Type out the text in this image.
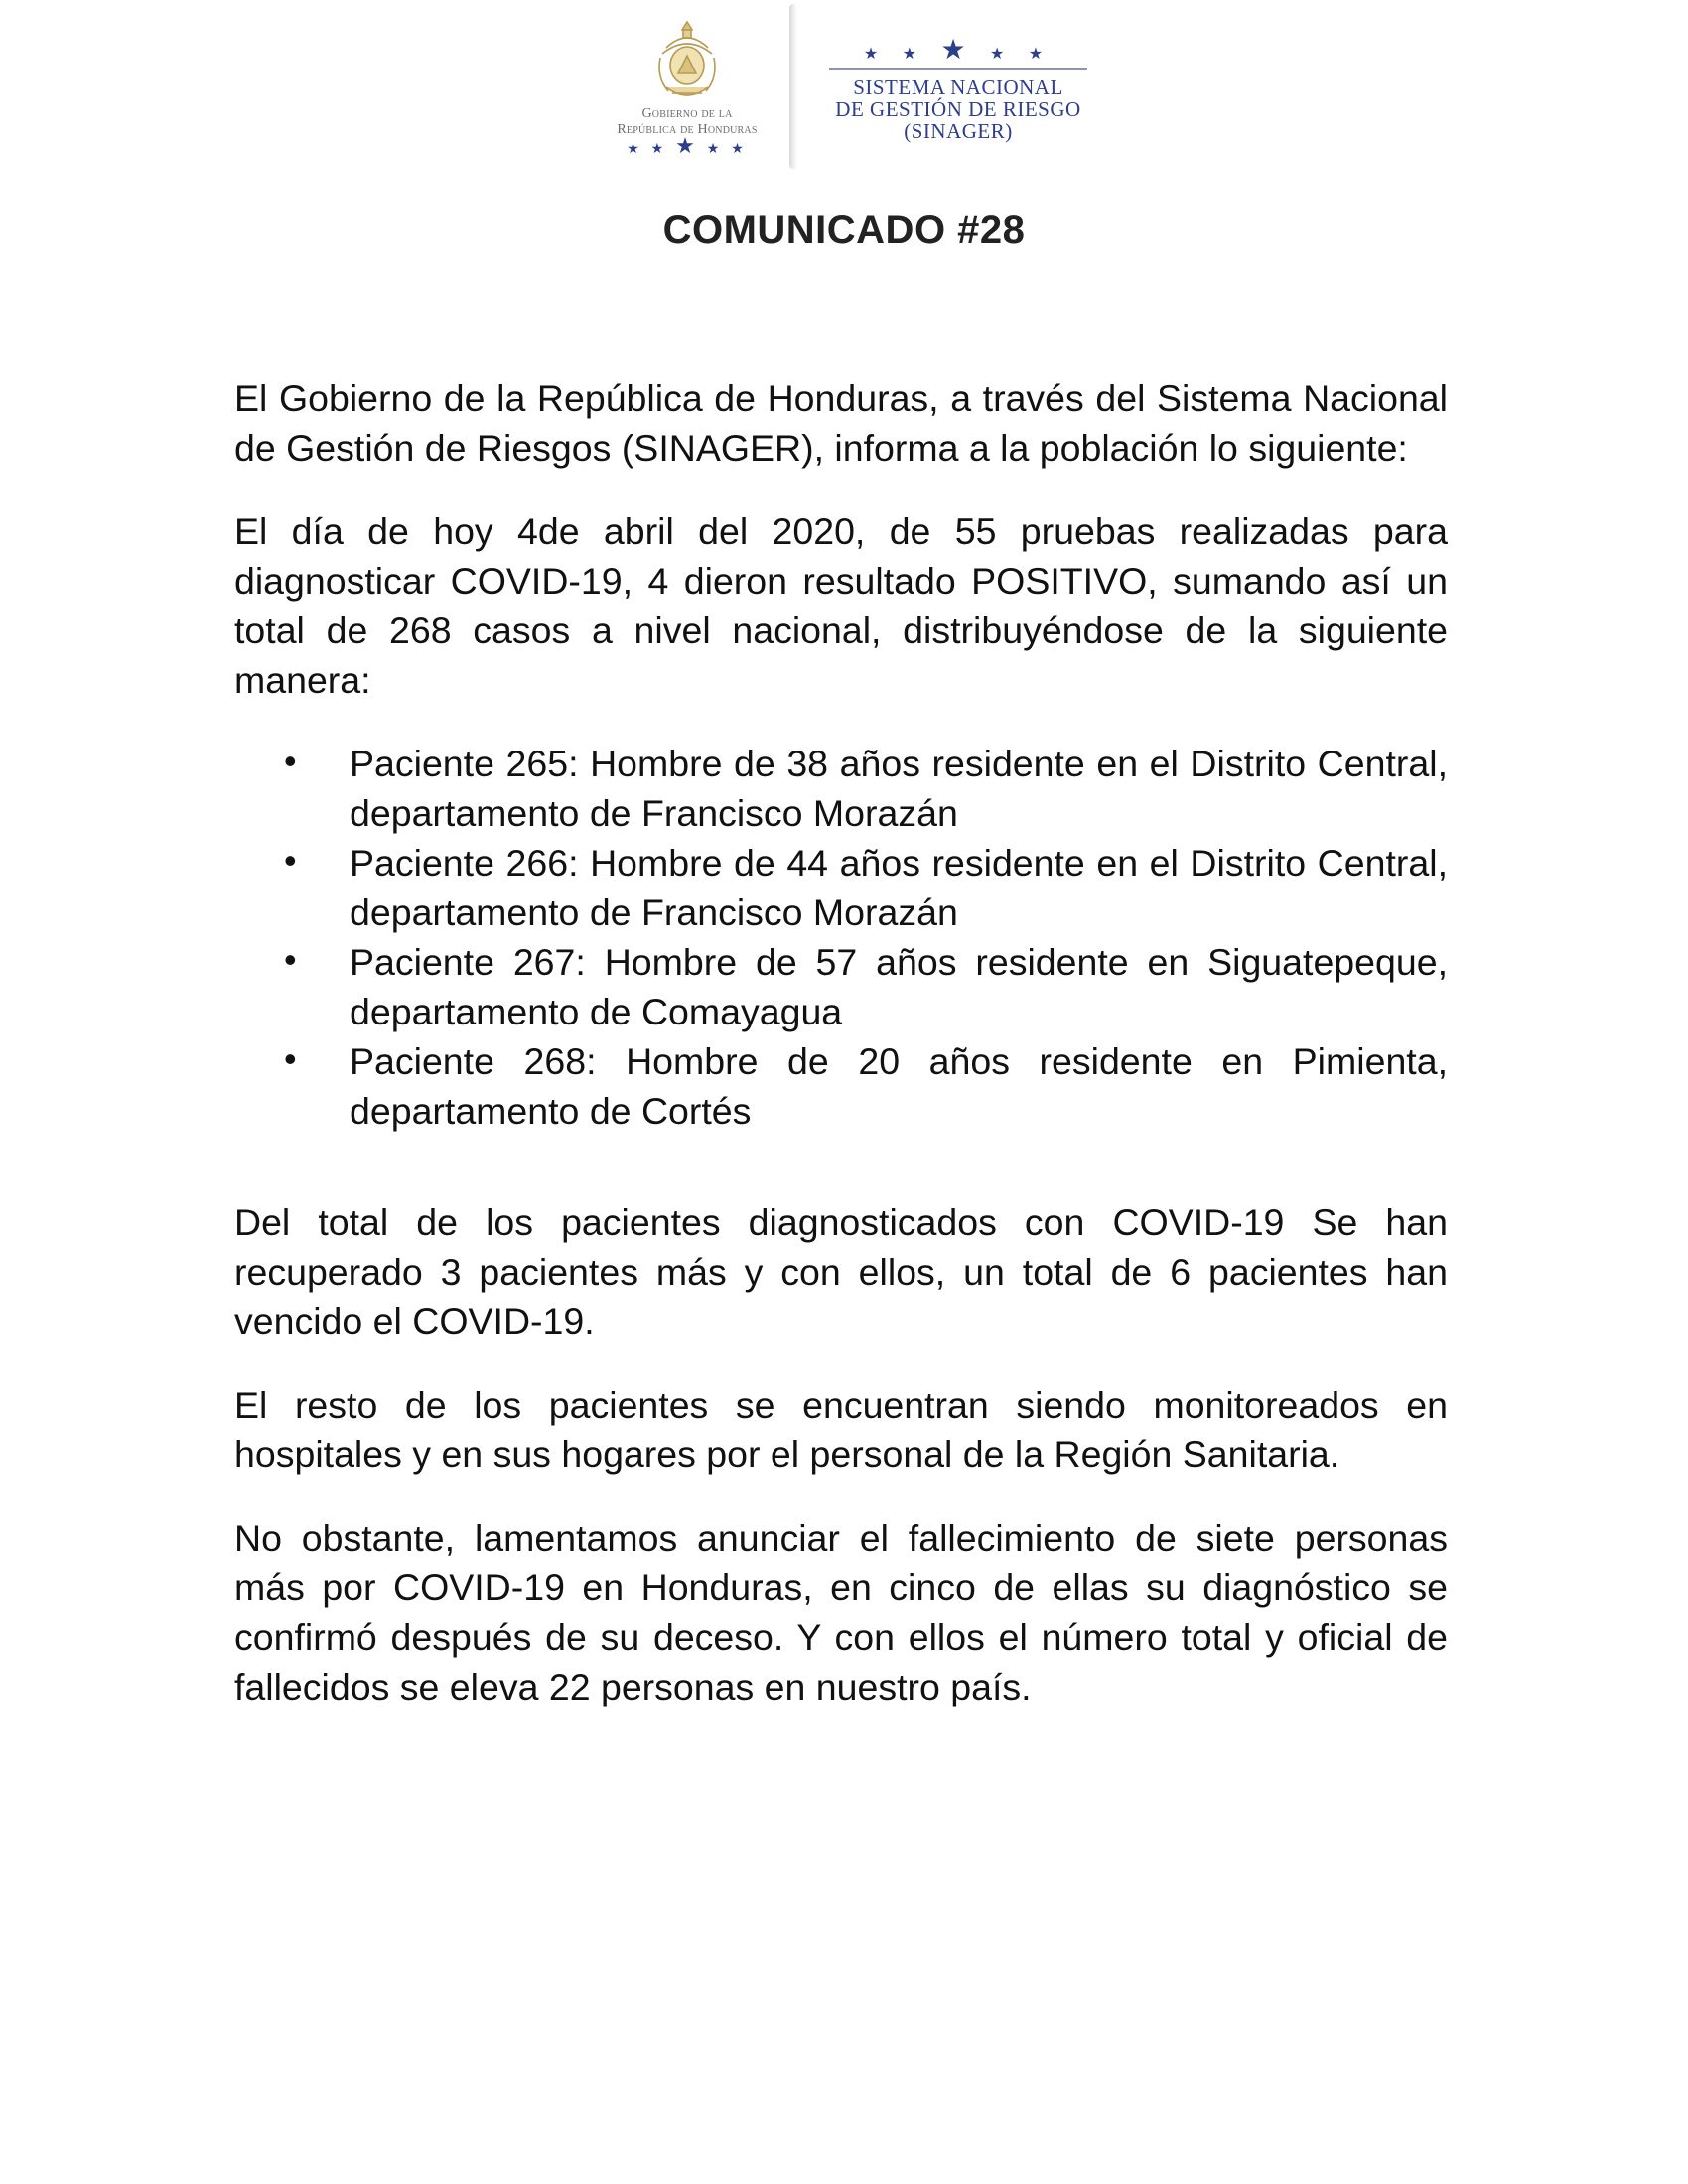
Gobierno de la
República de Honduras
★ ★ ★ ★ ★
★ ★ ★ ★ ★
SISTEMA NACIONAL
DE GESTIÓN DE RIESGO
(SINAGER)
COMUNICADO #28

El Gobierno de la República de Honduras, a través del Sistema Nacional de Gestión de Riesgos (SINAGER), informa a la población lo siguiente:

El día de hoy 4de abril del 2020, de 55 pruebas realizadas para diagnosticar COVID-19, 4 dieron resultado POSITIVO, sumando así un total de 268 casos a nivel nacional, distribuyéndose de la siguiente manera:

• Paciente 265: Hombre de 38 años residente en el Distrito Central, departamento de Francisco Morazán
• Paciente 266: Hombre de 44 años residente en el Distrito Central, departamento de Francisco Morazán
• Paciente 267: Hombre de 57 años residente en Siguatepeque, departamento de Comayagua
• Paciente 268: Hombre de 20 años residente en Pimienta, departamento de Cortés

Del total de los pacientes diagnosticados con COVID-19 Se han recuperado 3 pacientes más y con ellos, un total de 6 pacientes han vencido el COVID-19.

El resto de los pacientes se encuentran siendo monitoreados en hospitales y en sus hogares por el personal de la Región Sanitaria.

No obstante, lamentamos anunciar el fallecimiento de siete personas más por COVID-19 en Honduras, en cinco de ellas su diagnóstico se confirmó después de su deceso. Y con ellos el número total y oficial de fallecidos se eleva 22 personas en nuestro país.
